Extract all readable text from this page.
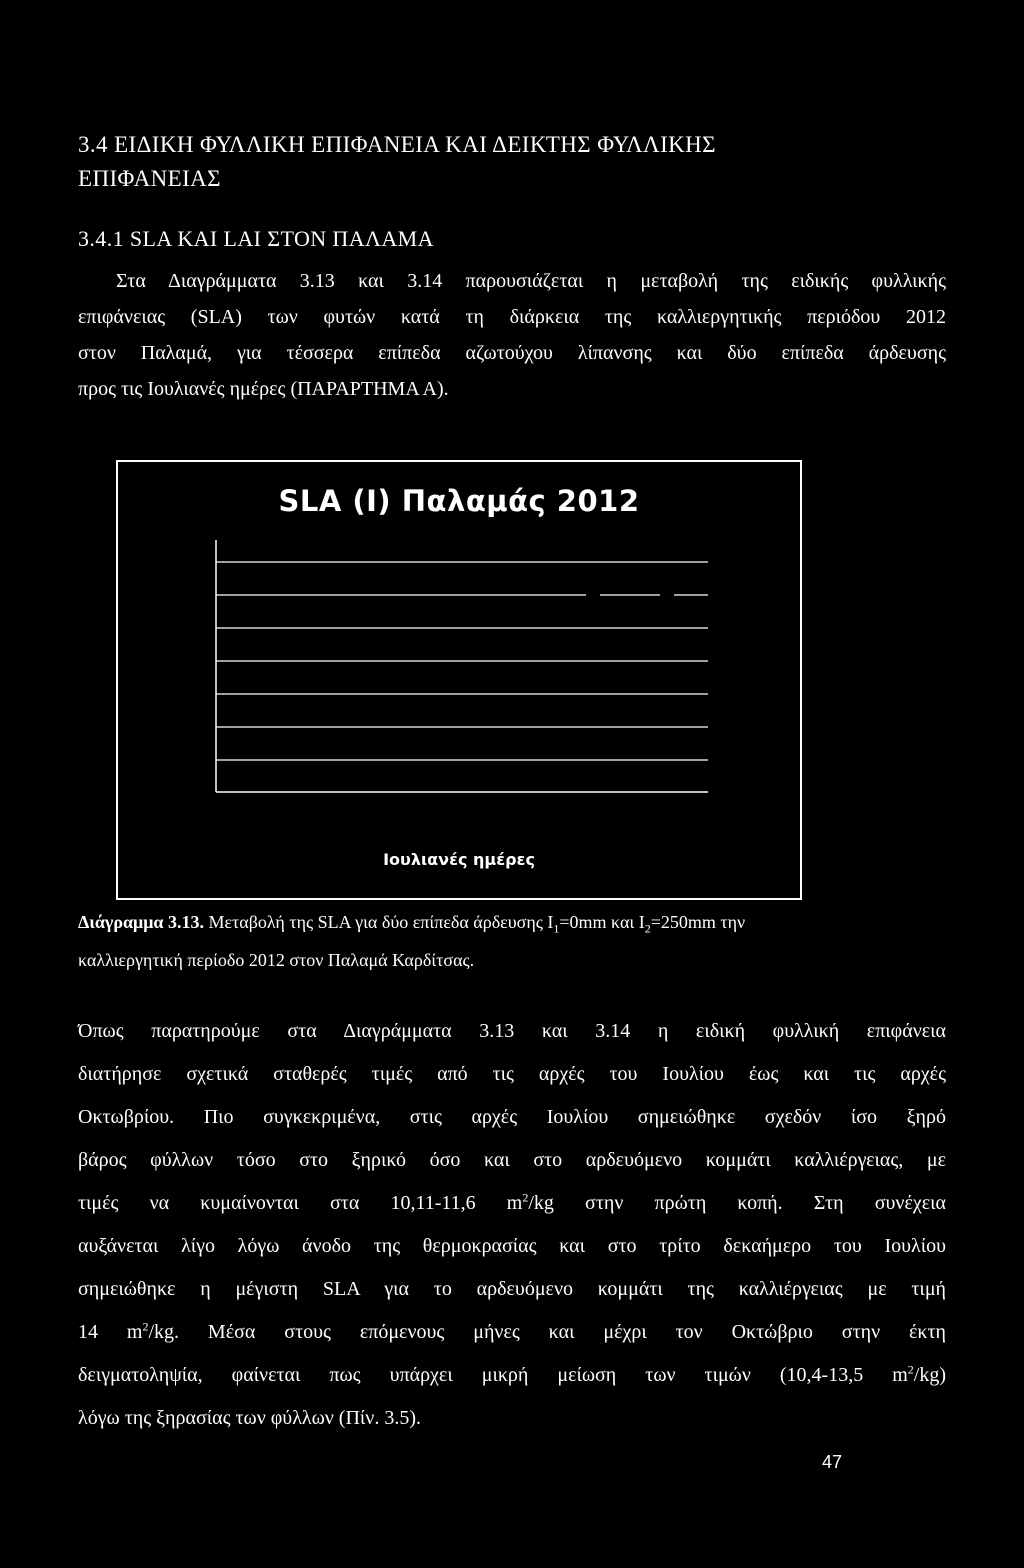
3.4 ΕΙΔΙΚΗ ΦΥΛΛΙΚΗ ΕΠΙΦΑΝΕΙΑ ΚΑΙ ΔΕΙΚΤΗΣ ΦΥΛΛΙΚΗΣ
ΕΠΙΦΑΝΕΙΑΣ
3.4.1 SLA ΚΑΙ LAI ΣΤΟΝ ΠΑΛΑΜΑ
Στα Διαγράμματα 3.13 και 3.14 παρουσιάζεται η μεταβολή της ειδικής φυλλικής
επιφάνειας (SLA) των φυτών κατά τη διάρκεια της καλλιεργητικής περιόδου 2012
στον Παλαμά, για τέσσερα επίπεδα αζωτούχου λίπανσης και δύο επίπεδα άρδευσης
προς τις Ιουλιανές ημέρες (ΠΑΡΑΡΤΗΜΑ Α).
SLA (I) Παλαμάς 2012
Ιουλιανές ημέρες
Διάγραμμα 3.13. Μεταβολή της SLA για δύο επίπεδα άρδευσης $I_1=0mm$ και $I_2=250mm$ την
καλλιεργητική περίοδο 2012 στον Παλαμά Καρδίτσας.
Όπως παρατηρούμε στα Διαγράμματα 3.13 και 3.14 η ειδική φυλλική επιφάνεια
διατήρησε σχετικά σταθερές τιμές από τις αρχές του Ιουλίου έως και τις αρχές
Οκτωβρίου. Πιο συγκεκριμένα, στις αρχές Ιουλίου σημειώθηκε σχεδόν ίσο ξηρό
βάρος φύλλων τόσο στο ξηρικό όσο και στο αρδευόμενο κομμάτι καλλιέργειας, με
τιμές να κυμαίνονται στα 10,11-11,6 $m^2/kg$ στην πρώτη κοπή. Στη συνέχεια
αυξάνεται λίγο λόγω άνοδο της θερμοκρασίας και στο τρίτο δεκαήμερο του Ιουλίου
σημειώθηκε η μέγιστη SLA για το αρδευόμενο κομμάτι της καλλιέργειας με τιμή
14 $m^2/kg$. Μέσα στους επόμενους μήνες και μέχρι τον Οκτώβριο στην έκτη
δειγματοληψία, φαίνεται πως υπάρχει μικρή μείωση των τιμών (10,4-13,5 $m^2/kg$)
λόγω της ξηρασίας των φύλλων (Πίν. 3.5).
47
